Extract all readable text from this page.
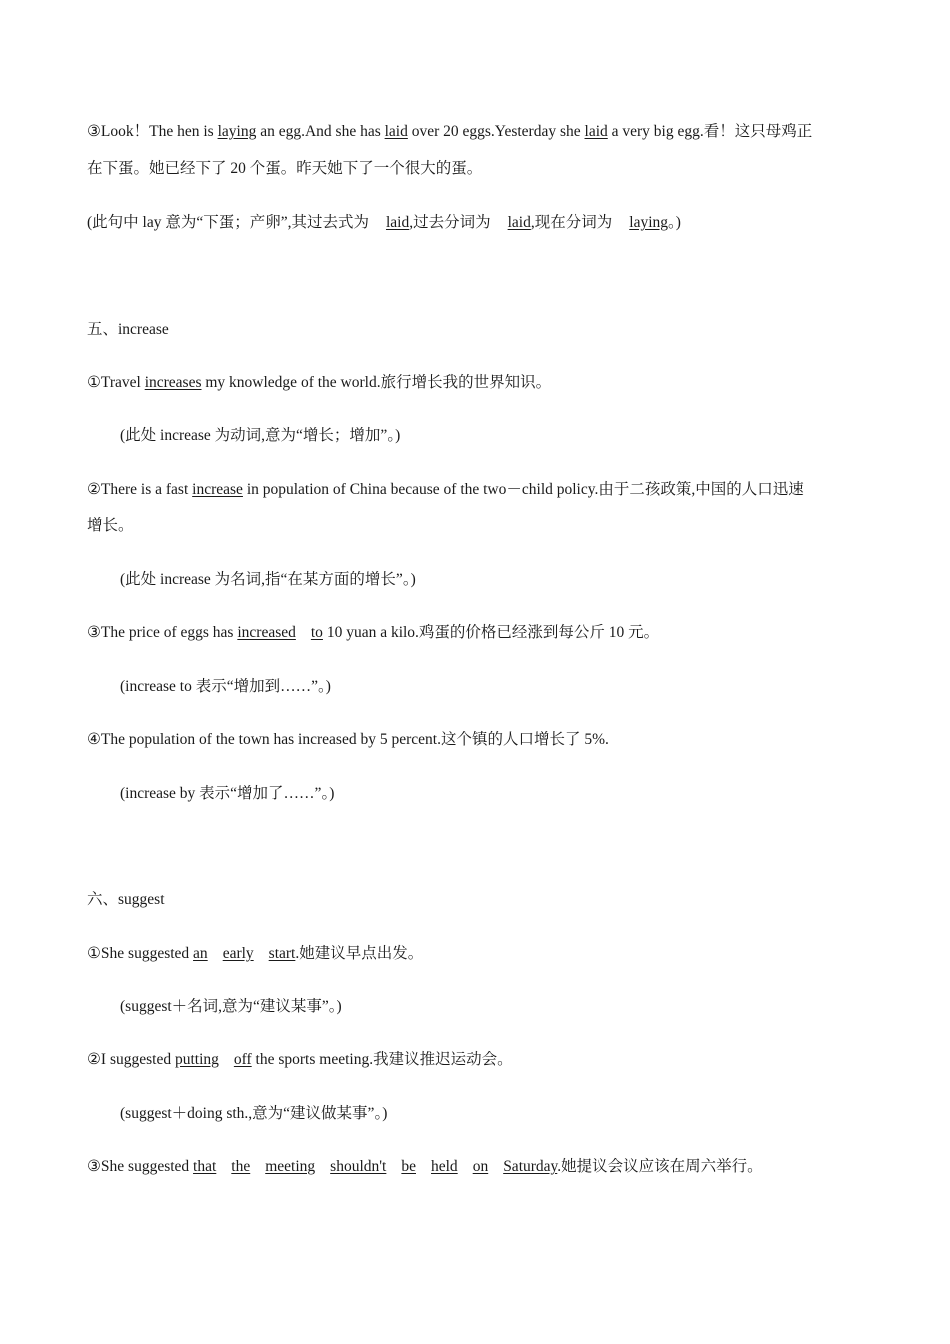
③Look！The hen is laying an egg.And she has laid over 20 eggs.Yesterday she laid a very big egg.看！这只母鸡正
在下蛋。她已经下了 20 个蛋。昨天她下了一个很大的蛋。
(此句中 lay 意为“下蛋；产卵”,其过去式为 laid,过去分词为 laid,现在分词为 laying。)
五、increase
①Travel increases my knowledge of the world.旅行增长我的世界知识。
(此处 increase 为动词,意为“增长；增加”。)
②There is a fast increase in population of China because of the two－child policy.由于二孩政策,中国的人口迅速
增长。
(此处 increase 为名词,指“在某方面的增长”。)
③The price of eggs has increased to 10 yuan a kilo.鸡蛋的价格已经涨到每公斤 10 元。
(increase to 表示“增加到……”。)
④The population of the town has increased by 5 percent.这个镇的人口增长了 5%.
(increase by 表示“增加了……”。)
六、suggest
①She suggested an early start.她建议早点出发。
(suggest＋名词,意为“建议某事”。)
②I suggested putting off the sports meeting.我建议推迟运动会。
(suggest＋doing sth.,意为“建议做某事”。)
③She suggested that the meeting shouldn't be held on Saturday.她提议会议应该在周六举行。
